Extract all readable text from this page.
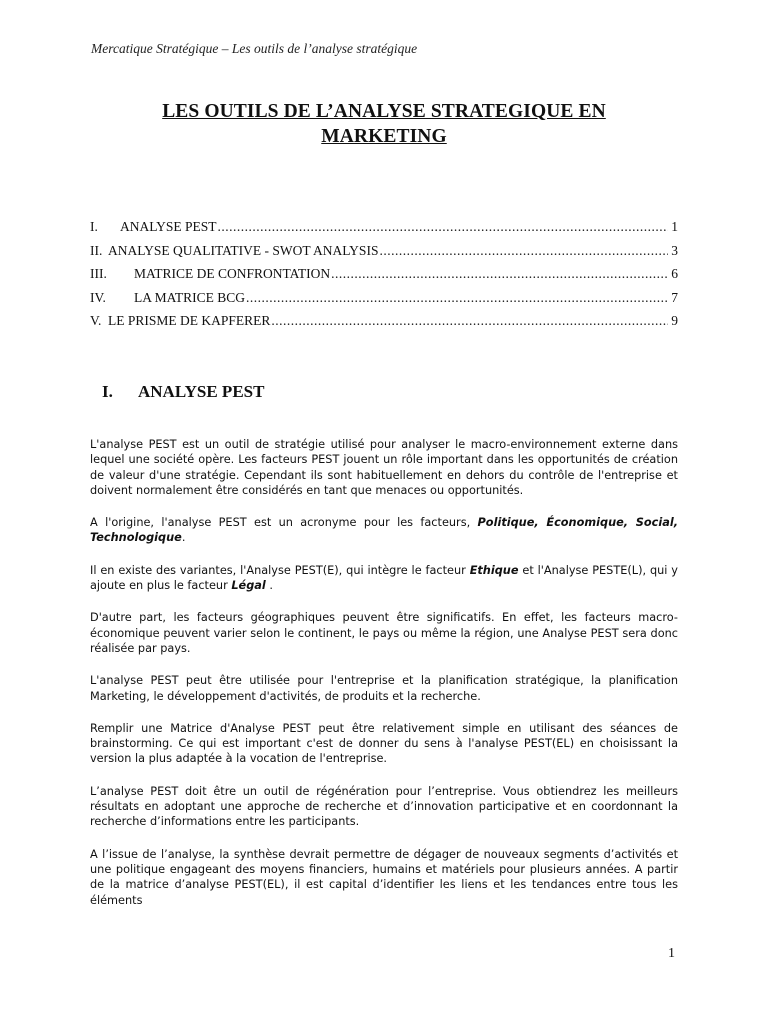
Mercatique Stratégique – Les outils de l’analyse stratégique
LES OUTILS DE L’ANALYSE STRATEGIQUE EN
MARKETING
I.	ANALYSE PEST .....	1
II. ANALYSE QUALITATIVE - SWOT ANALYSIS .....	3
III.	MATRICE DE CONFRONTATION .....	6
IV.	LA MATRICE BCG .....	7
V. LE PRISME DE KAPFERER .....	9
I. ANALYSE PEST

L'analyse PEST est un outil de stratégie utilisé pour analyser le macro-environnement externe dans lequel une société opère. Les facteurs PEST jouent un rôle important dans les opportunités de création de valeur d'une stratégie. Cependant ils sont habituellement en dehors du contrôle de l'entreprise et doivent normalement être considérés en tant que menaces ou opportunités.

A l'origine, l'analyse PEST est un acronyme pour les facteurs, Politique, Économique, Social, Technologique.

Il en existe des variantes, l'Analyse PEST(E), qui intègre le facteur Ethique et l'Analyse PESTE(L), qui y ajoute en plus le facteur Légal .

D'autre part, les facteurs géographiques peuvent être significatifs. En effet, les facteurs macro-économique peuvent varier selon le continent, le pays ou même la région, une Analyse PEST sera donc réalisée par pays.

L'analyse PEST peut être utilisée pour l'entreprise et la planification stratégique, la planification Marketing, le développement d'activités, de produits et la recherche.

Remplir une Matrice d'Analyse PEST peut être relativement simple en utilisant des séances de brainstorming. Ce qui est important c'est de donner du sens à l'analyse PEST(EL) en choisissant la version la plus adaptée à la vocation de l'entreprise.

L’analyse PEST doit être un outil de régénération pour l’entreprise. Vous obtiendrez les meilleurs résultats en adoptant une approche de recherche et d’innovation participative et en coordonnant la recherche d’informations entre les participants.

A l’issue de l’analyse, la synthèse devrait permettre de dégager de nouveaux segments d’activités et une politique engageant des moyens financiers, humains et matériels pour plusieurs années. A partir de la matrice d’analyse PEST(EL), il est capital d’identifier les liens et les tendances entre tous les éléments

1
